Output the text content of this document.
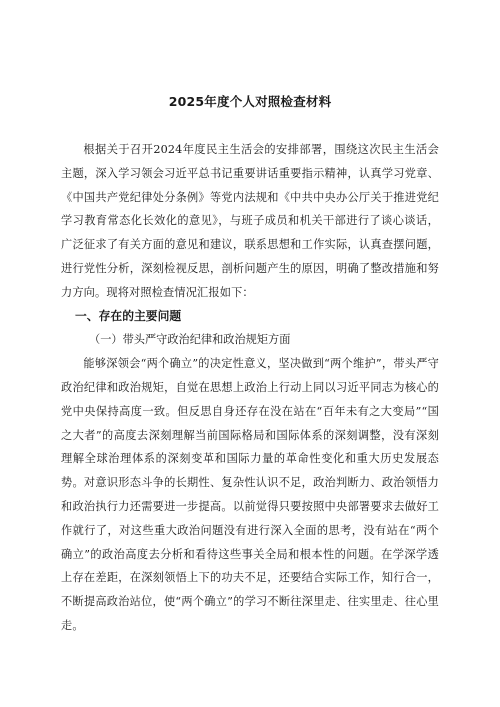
2025年度个人对照检查材料

根据关于召开2024年度民主生活会的安排部署，围绕这次民主生活会主题，深入学习领会习近平总书记重要讲话重要指示精神，认真学习党章、《中国共产党纪律处分条例》等党内法规和《中共中央办公厅关于推进党纪学习教育常态化长效化的意见》，与班子成员和机关干部进行了谈心谈话，广泛征求了有关方面的意见和建议，联系思想和工作实际，认真查摆问题，进行党性分析，深刻检视反思，剖析问题产生的原因，明确了整改措施和努力方向。现将对照检查情况汇报如下：

一、存在的主要问题

（一）带头严守政治纪律和政治规矩方面

能够深领会“两个确立”的决定性意义，坚决做到“两个维护”，带头严守政治纪律和政治规矩，自觉在思想上政治上行动上同以习近平同志为核心的党中央保持高度一致。但反思自身还存在没在站在“百年未有之大变局”“国之大者”的高度去深刻理解当前国际格局和国际体系的深刻调整，没有深刻理解全球治理体系的深刻变革和国际力量的革命性变化和重大历史发展态势。对意识形态斗争的长期性、复杂性认识不足，政治判断力、政治领悟力和政治执行力还需要进一步提高。以前觉得只要按照中央部署要求去做好工作就行了，对这些重大政治问题没有进行深入全面的思考，没有站在“两个确立”的政治高度去分析和看待这些事关全局和根本性的问题。在学深学透上存在差距，在深刻领悟上下的功夫不足，还要结合实际工作，知行合一，不断提高政治站位，使“两个确立”的学习不断往深里走、往实里走、往心里走。
